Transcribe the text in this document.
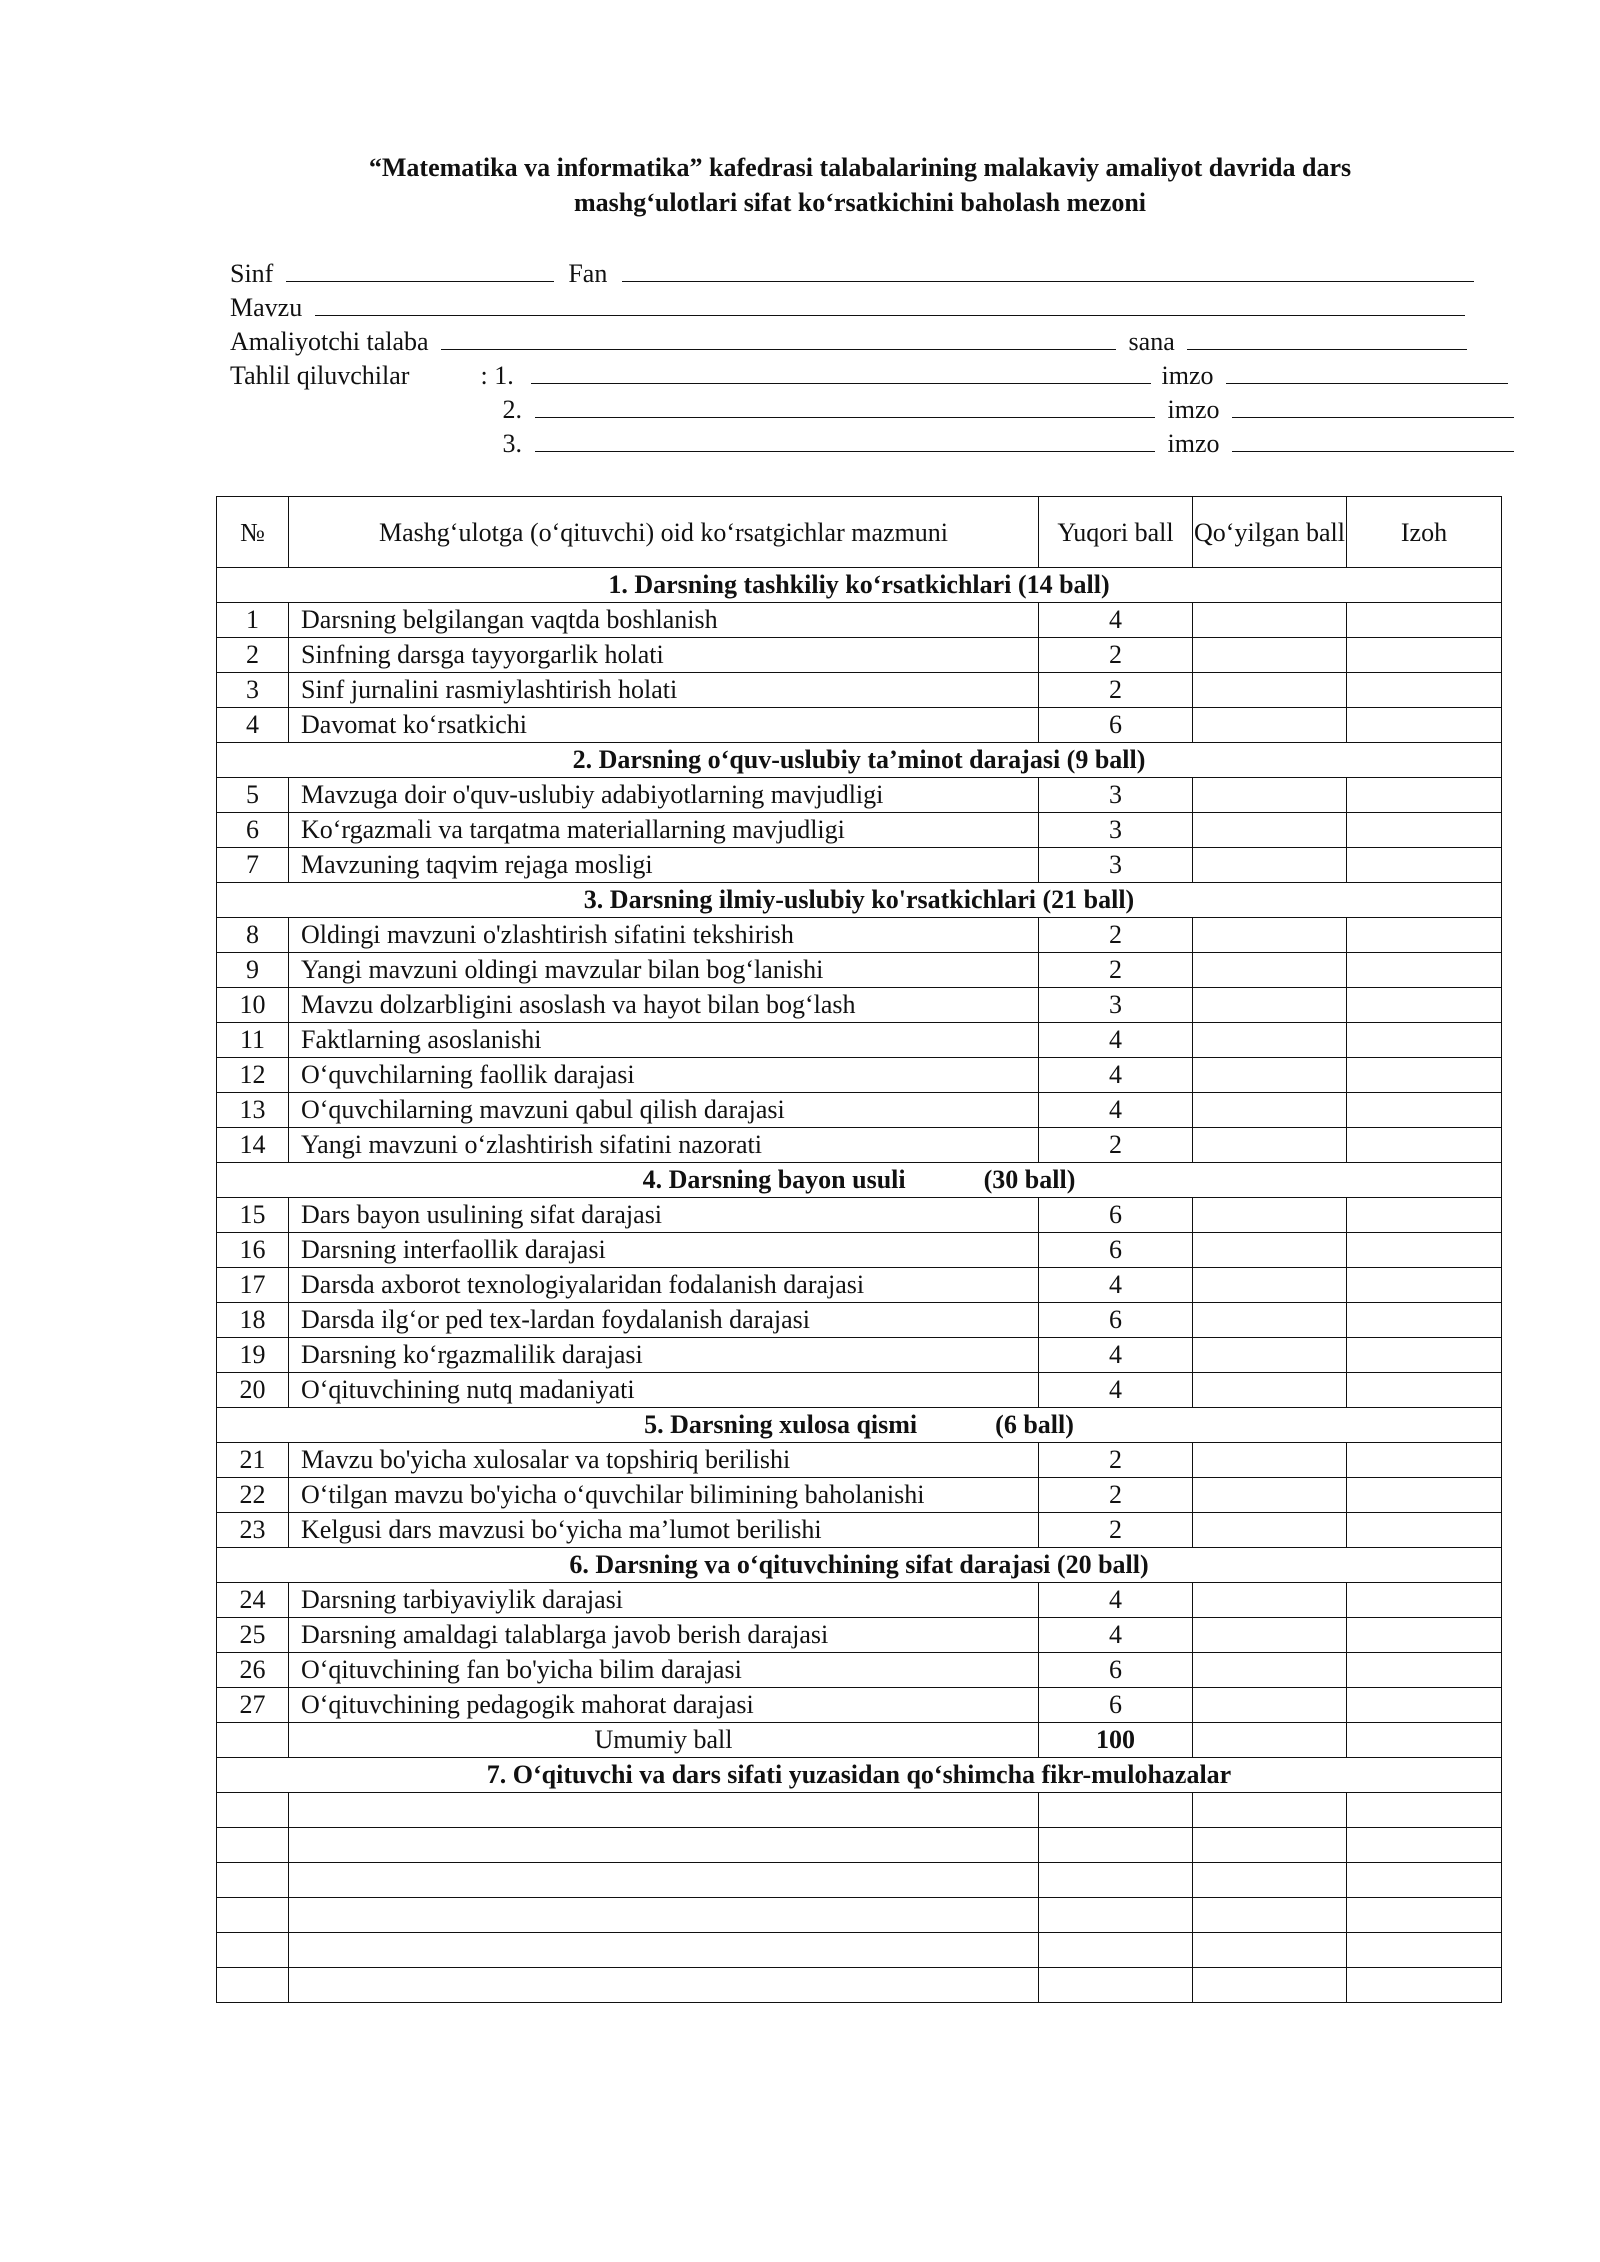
“Matematika va informatika” kafedrasi talabalarining malakaviy amaliyot davrida dars
mashg‘ulotlari sifat ko‘rsatkichini baholash mezoni
Sinf	Fan
Mavzu
Amaliyotchi talaba	sana
Tahlil qiluvchilar	: 1.	imzo
2.	imzo
3.	imzo
№	Mashg‘ulotga (o‘qituvchi) oid ko‘rsatgichlar mazmuni	Yuqori ball	Qo‘yilgan ball	Izoh
1. Darsning tashkiliy ko‘rsatkichlari (14 ball)				
1	Darsning belgilangan vaqtda boshlanish	4		
2	Sinfning darsga tayyorgarlik holati	2		
3	Sinf jurnalini rasmiylashtirish holati	2		
4	Davomat ko‘rsatkichi	6		
2. Darsning o‘quv-uslubiy ta’minot darajasi (9 ball)				
5	Mavzuga doir o'quv-uslubiy adabiyotlarning mavjudligi	3		
6	Ko‘rgazmali va tarqatma materiallarning mavjudligi	3		
7	Mavzuning taqvim rejaga mosligi	3		
3. Darsning ilmiy-uslubiy ko'rsatkichlari (21 ball)				
8	Oldingi mavzuni o'zlashtirish sifatini tekshirish	2		
9	Yangi mavzuni oldingi mavzular bilan bog‘lanishi	2		
10	Mavzu dolzarbligini asoslash va hayot bilan bog‘lash	3		
11	Faktlarning asoslanishi	4		
12	O‘quvchilarning faollik darajasi	4		
13	O‘quvchilarning mavzuni qabul qilish darajasi	4		
14	Yangi mavzuni o‘zlashtirish sifatini nazorati	2		
4. Darsning bayon usuli            (30 ball)				
15	Dars bayon usulining sifat darajasi	6		
16	Darsning interfaollik darajasi	6		
17	Darsda axborot texnologiyalaridan fodalanish darajasi	4		
18	Darsda ilg‘or ped tex-lardan foydalanish darajasi	6		
19	Darsning ko‘rgazmalilik darajasi	4		
20	O‘qituvchining nutq madaniyati	4		
5. Darsning xulosa qismi            (6 ball)				
21	Mavzu bo'yicha xulosalar va topshiriq berilishi	2		
22	O‘tilgan mavzu bo'yicha o‘quvchilar bilimining baholanishi	2		
23	Kelgusi dars mavzusi bo‘yicha ma’lumot berilishi	2		
6. Darsning va o‘qituvchining sifat darajasi (20 ball)				
24	Darsning tarbiyaviylik darajasi	4		
25	Darsning amaldagi talablarga javob berish darajasi	4		
26	O‘qituvchining fan bo'yicha bilim darajasi	6		
27	O‘qituvchining pedagogik mahorat darajasi	6		
	Umumiy ball	100		
7. O‘qituvchi va dars sifati yuzasidan qo‘shimcha fikr-mulohazalar				
